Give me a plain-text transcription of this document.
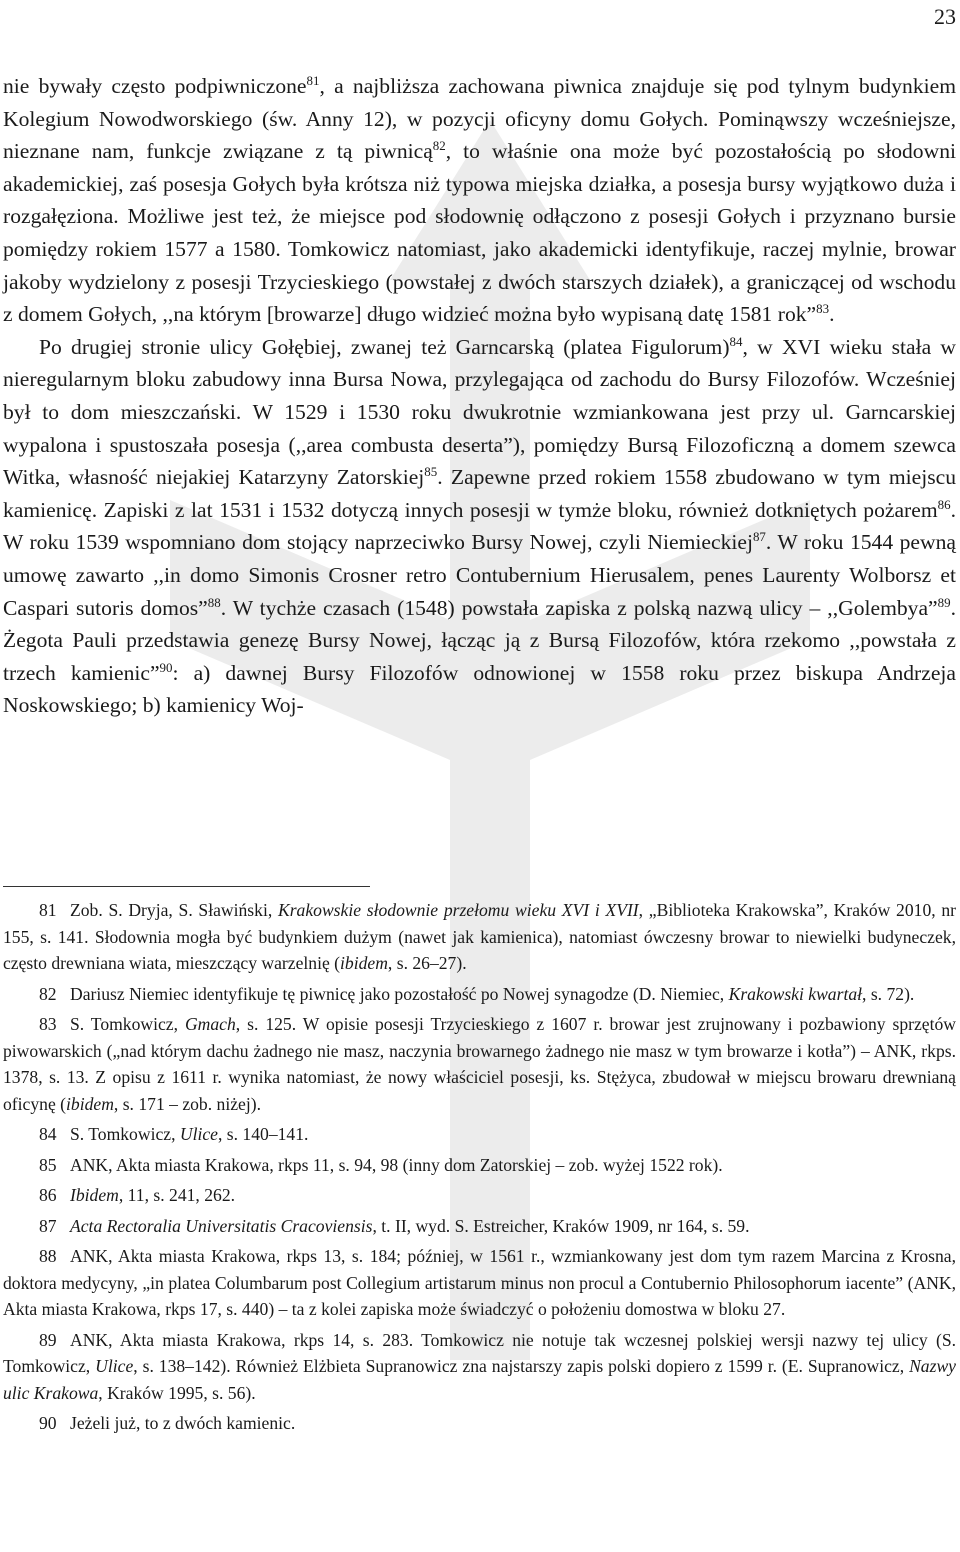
23

nie bywały często podpiwniczone$^{81}$, a najbliższa zachowana piwnica znajduje się pod tylnym budynkiem Kolegium Nowodworskiego (św. Anny 12), w pozycji oficyny domu Gołych. Pominąwszy wcześniejsze, nieznane nam, funkcje związane z tą piwnicą$^{82}$, to właśnie ona może być pozostałością po słodowni akademickiej, zaś posesja Gołych była krótsza niż typowa miejska działka, a posesja bursy wyjątkowo duża i rozgałęziona. Możliwe jest też, że miejsce pod słodownię odłączono z posesji Gołych i przyznano bursie pomiędzy rokiem 1577 a 1580. Tomkowicz natomiast, jako akademicki identyfikuje, raczej mylnie, browar jakoby wydzielony z posesji Trzycieskiego (powstałej z dwóch starszych działek), a graniczącej od wschodu z domem Gołych, ,,na którym [browarze] długo widzieć można było wypisaną datę 1581 rok”$^{83}$.

Po drugiej stronie ulicy Gołębiej, zwanej też Garncarską (platea Figulorum)$^{84}$, w XVI wieku stała w nieregularnym bloku zabudowy inna Bursa Nowa, przylegająca od zachodu do Bursy Filozofów. Wcześniej był to dom mieszczański. W 1529 i 1530 roku dwukrotnie wzmiankowana jest przy ul. Garncarskiej wypalona i spustoszała posesja (,,area combusta deserta”), pomiędzy Bursą Filozoficzną a domem szewca Witka, własność niejakiej Katarzyny Zatorskiej$^{85}$. Zapewne przed rokiem 1558 zbudowano w tym miejscu kamienicę. Zapiski z lat 1531 i 1532 dotyczą innych posesji w tymże bloku, również dotkniętych pożarem$^{86}$. W roku 1539 wspomniano dom stojący naprzeciwko Bursy Nowej, czyli Niemieckiej$^{87}$. W roku 1544 pewną umowę zawarto ,,in domo Simonis Crosner retro Contubernium Hierusalem, penes Laurenty Wolborsz et Caspari sutoris domos”$^{88}$. W tychże czasach (1548) powstała zapiska z polską nazwą ulicy – ,,Golembya”$^{89}$. Żegota Pauli przedstawia genezę Bursy Nowej, łącząc ją z Bursą Filozofów, która rzekomo ,,powstała z trzech kamienic”$^{90}$: a) dawnej Bursy Filozofów odnowionej w 1558 roku przez biskupa Andrzeja Noskowskiego; b) kamienicy Woj-

81 Zob. S. Dryja, S. Sławiński, Krakowskie słodownie przełomu wieku XVI i XVII, „Biblioteka Krakowska”, Kraków 2010, nr 155, s. 141. Słodownia mogła być budynkiem dużym (nawet jak kamienica), natomiast ówczesny browar to niewielki budyneczek, często drewniana wiata, mieszczący warzelnię (ibidem, s. 26–27).

82 Dariusz Niemiec identyfikuje tę piwnicę jako pozostałość po Nowej synagodze (D. Niemiec, Krakowski kwartał, s. 72).

83 S. Tomkowicz, Gmach, s. 125. W opisie posesji Trzycieskiego z 1607 r. browar jest zrujnowany i pozbawiony sprzętów piwowarskich („nad którym dachu żadnego nie masz, naczynia browarnego żadnego nie masz w tym browarze i kotła”) – ANK, rkps. 1378, s. 13. Z opisu z 1611 r. wynika natomiast, że nowy właściciel posesji, ks. Stężyca, zbudował w miejscu browaru drewnianą oficynę (ibidem, s. 171 – zob. niżej).

84 S. Tomkowicz, Ulice, s. 140–141.

85 ANK, Akta miasta Krakowa, rkps 11, s. 94, 98 (inny dom Zatorskiej – zob. wyżej 1522 rok).

86 Ibidem, 11, s. 241, 262.

87 Acta Rectoralia Universitatis Cracoviensis, t. II, wyd. S. Estreicher, Kraków 1909, nr 164, s. 59.

88 ANK, Akta miasta Krakowa, rkps 13, s. 184; później, w 1561 r., wzmiankowany jest dom tym razem Marcina z Krosna, doktora medycyny, „in platea Columbarum post Collegium artistarum minus non procul a Contubernio Philosophorum iacente” (ANK, Akta miasta Krakowa, rkps 17, s. 440) – ta z kolei zapiska może świadczyć o położeniu domostwa w bloku 27.

89 ANK, Akta miasta Krakowa, rkps 14, s. 283. Tomkowicz nie notuje tak wczesnej polskiej wersji nazwy tej ulicy (S. Tomkowicz, Ulice, s. 138–142). Również Elżbieta Supranowicz zna najstarszy zapis polski dopiero z 1599 r. (E. Supranowicz, Nazwy ulic Krakowa, Kraków 1995, s. 56).

90 Jeżeli już, to z dwóch kamienic.
